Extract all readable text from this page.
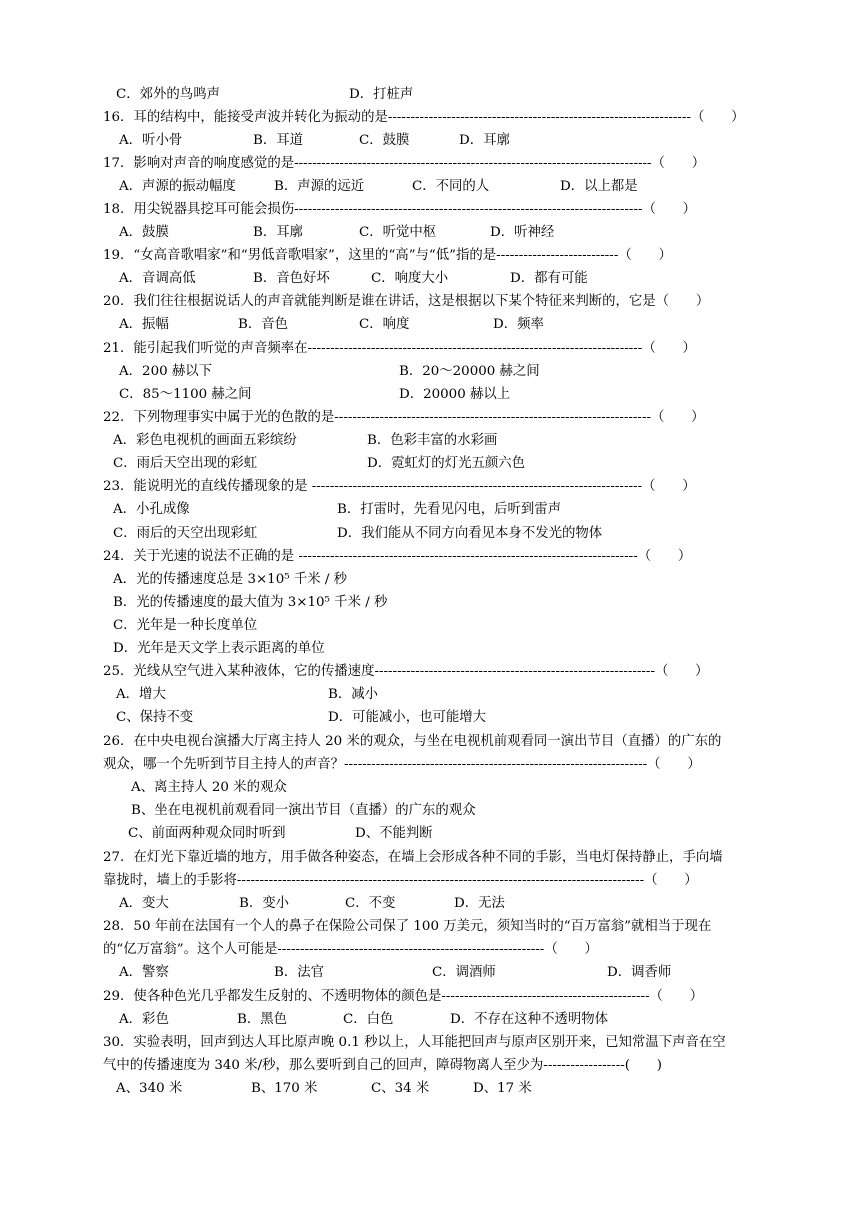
C．郊外的鸟鸣声	D．打桩声
16．耳的结构中，能接受声波并转化为振动的是-------------------------------------------------------------------（　　）
A．听小骨	B．耳道	C．鼓膜	D．耳廓
17．影响对声音的响度感觉的是-------------------------------------------------------------------------------（　　）
A．声源的振动幅度	B．声源的远近	C．不同的人	D．以上都是
18．用尖锐器具挖耳可能会损伤-----------------------------------------------------------------------------（　　）
A．鼓膜	B．耳廓	C．听觉中枢	D．听神经
19．“女高音歌唱家”和“男低音歌唱家”，这里的“高”与“低”指的是---------------------------（　　）
A．音调高低	B．音色好坏	C．响度大小	D．都有可能
20．我们往往根据说话人的声音就能判断是谁在讲话，这是根据以下某个特征来判断的，它是（　　）
A．振幅	B．音色	C．响度	D．频率
21．能引起我们听觉的声音频率在--------------------------------------------------------------------------（　　）
A．200 赫以下	B．20～20000 赫之间
C．85～1100 赫之间	D．20000 赫以上
22．下列物理事实中属于光的色散的是----------------------------------------------------------------------（　　）
A．彩色电视机的画面五彩缤纷	B．色彩丰富的水彩画
C．雨后天空出现的彩虹	D．霓虹灯的灯光五颜六色
23．能说明光的直线传播现象的是 -------------------------------------------------------------------------（　　）
A．小孔成像	B．打雷时，先看见闪电，后听到雷声
C．雨后的天空出现彩虹	D．我们能从不同方向看见本身不发光的物体
24．关于光速的说法不正确的是 ---------------------------------------------------------------------------（　　）
A．光的传播速度总是 3×10⁵ 千米 / 秒
B．光的传播速度的最大值为 3×10⁵ 千米 / 秒
C．光年是一种长度单位
D．光年是天文学上表示距离的单位
25．光线从空气进入某种液体，它的传播速度--------------------------------------------------------------（　　）
A．增大	B．减小
C、保持不变	D．可能减小，也可能增大
26．在中央电视台演播大厅离主持人 20 米的观众，与坐在电视机前观看同一演出节目（直播）的广东的
观众，哪一个先听到节目主持人的声音？-------------------------------------------------------------------（　　）
A、离主持人 20 米的观众
B、坐在电视机前观看同一演出节目（直播）的广东的观众
C、前面两种观众同时听到	D、不能判断
27．在灯光下靠近墙的地方，用手做各种姿态，在墙上会形成各种不同的手影，当电灯保持静止，手向墙
靠拢时，墙上的手影将------------------------------------------------------------------------------------------（　　）
A．变大	B．变小	C．不变	D．无法
28．50 年前在法国有一个人的鼻子在保险公司保了 100 万美元，须知当时的“百万富翁”就相当于现在
的“亿万富翁”。这个人可能是-----------------------------------------------------------（　　）
A．警察	B．法官	C．调酒师	D．调香师
29．使各种色光几乎都发生反射的、不透明物体的颜色是----------------------------------------------（　　）
A．彩色	B．黑色	C．白色	D．不存在这种不透明物体
30．实验表明，回声到达人耳比原声晚 0.1 秒以上，人耳能把回声与原声区别开来，已知常温下声音在空
气中的传播速度为 340 米/秒，那么要听到自己的回声，障碍物离人至少为------------------(　　)
A、340 米	B、170 米	C、34 米	D、17 米
